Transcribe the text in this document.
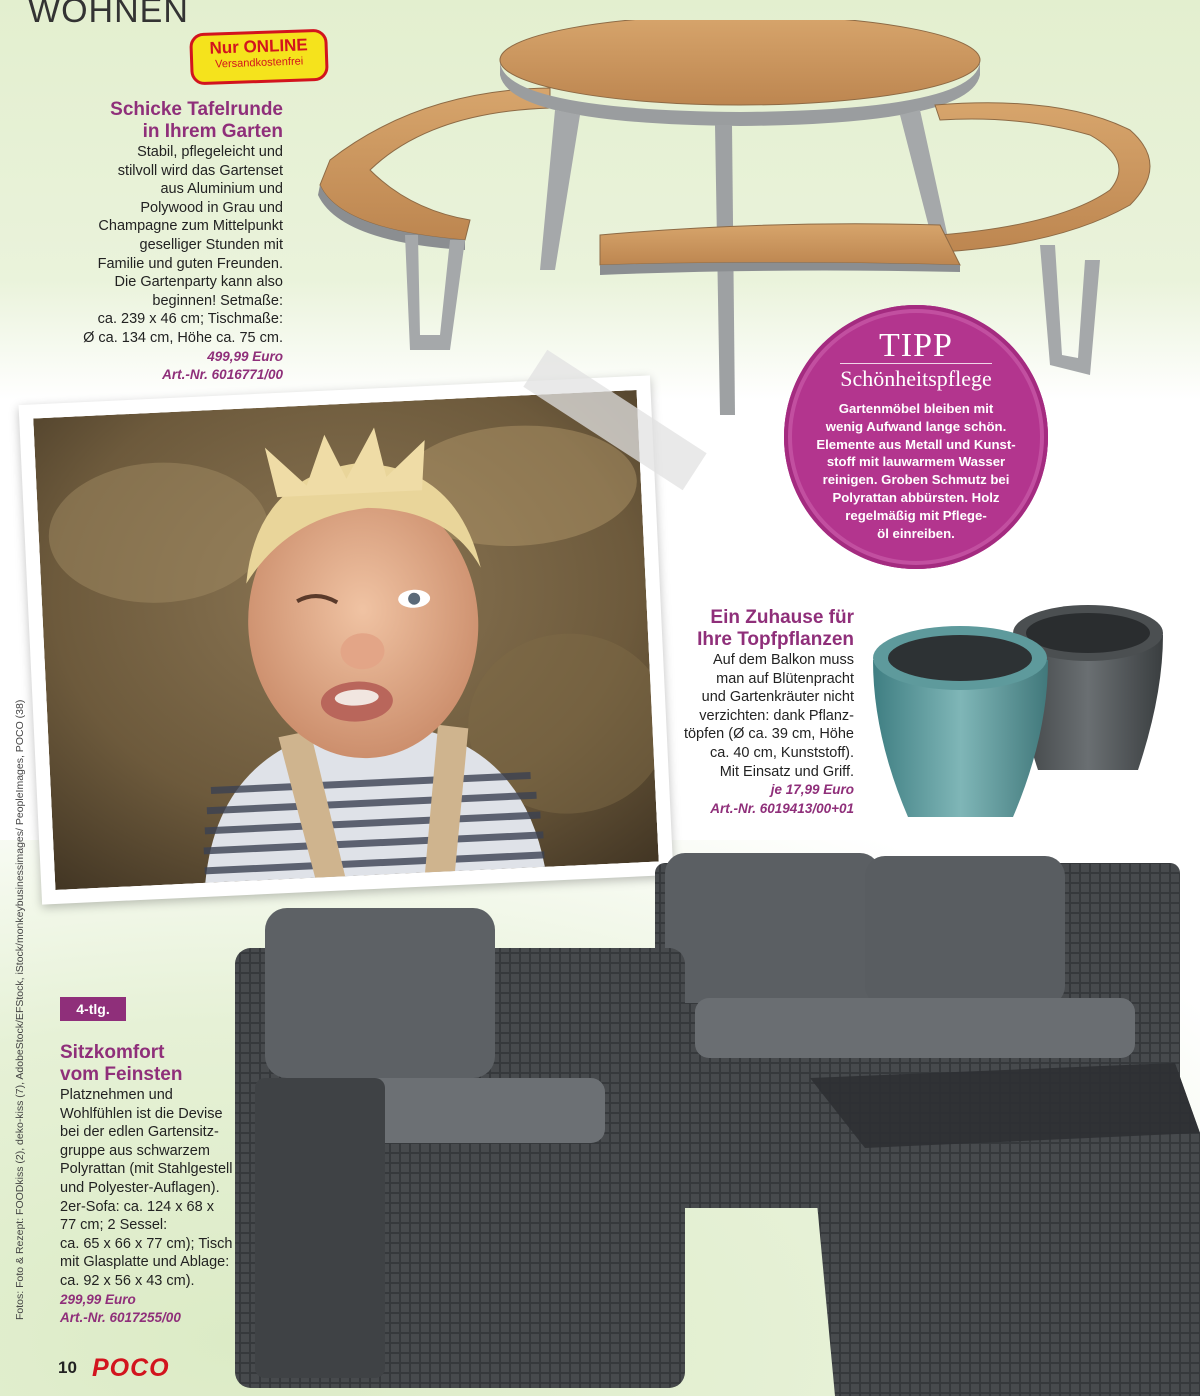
WOHNEN
Nur ONLINE
Versandkostenfrei
Schicke Tafelrunde
in Ihrem Garten
Stabil, pflegeleicht und
stilvoll wird das Gartenset
aus Aluminium und
Polywood in Grau und
Champagne zum Mittelpunkt
geselliger Stunden mit
Familie und guten Freunden.
Die Gartenparty kann also
beginnen! Setmaße:
ca. 239 x 46 cm; Tischmaße:
Ø ca. 134 cm, Höhe ca. 75 cm.
499,99 Euro
Art.-Nr. 6016771/00
TIPP
Schönheitspflege
Gartenmöbel bleiben mit
wenig Aufwand lange schön.
Elemente aus Metall und Kunst-
stoff mit lauwarmem Wasser
reinigen. Groben Schmutz bei
Polyrattan abbürsten. Holz
regelmäßig mit Pflege-
öl einreiben.
Ein Zuhause für
Ihre Topfpflanzen
Auf dem Balkon muss
man auf Blütenpracht
und Gartenkräuter nicht
verzichten: dank Pflanz-
töpfen (Ø ca. 39 cm, Höhe
ca. 40 cm, Kunststoff).
Mit Einsatz und Griff.
je 17,99 Euro
Art.-Nr. 6019413/00+01
4-tlg.
Sitzkomfort
vom Feinsten
Platznehmen und
Wohlfühlen ist die Devise
bei der edlen Gartensitz-
gruppe aus schwarzem
Polyrattan (mit Stahlgestell
und Polyester-Auflagen).
2er-Sofa: ca. 124 x 68 x
77 cm; 2 Sessel:
ca. 65 x 66 x 77 cm); Tisch
mit Glasplatte und Ablage:
ca. 92 x 56 x 43 cm).
299,99 Euro
Art.-Nr. 6017255/00
Fotos: Foto & Rezept: FOODkiss (2), deko-kiss (7), AdobeStock/EFStock, iStock/monkeybusinessimages/ PeopleImages, POCO (38)
10 POCO
